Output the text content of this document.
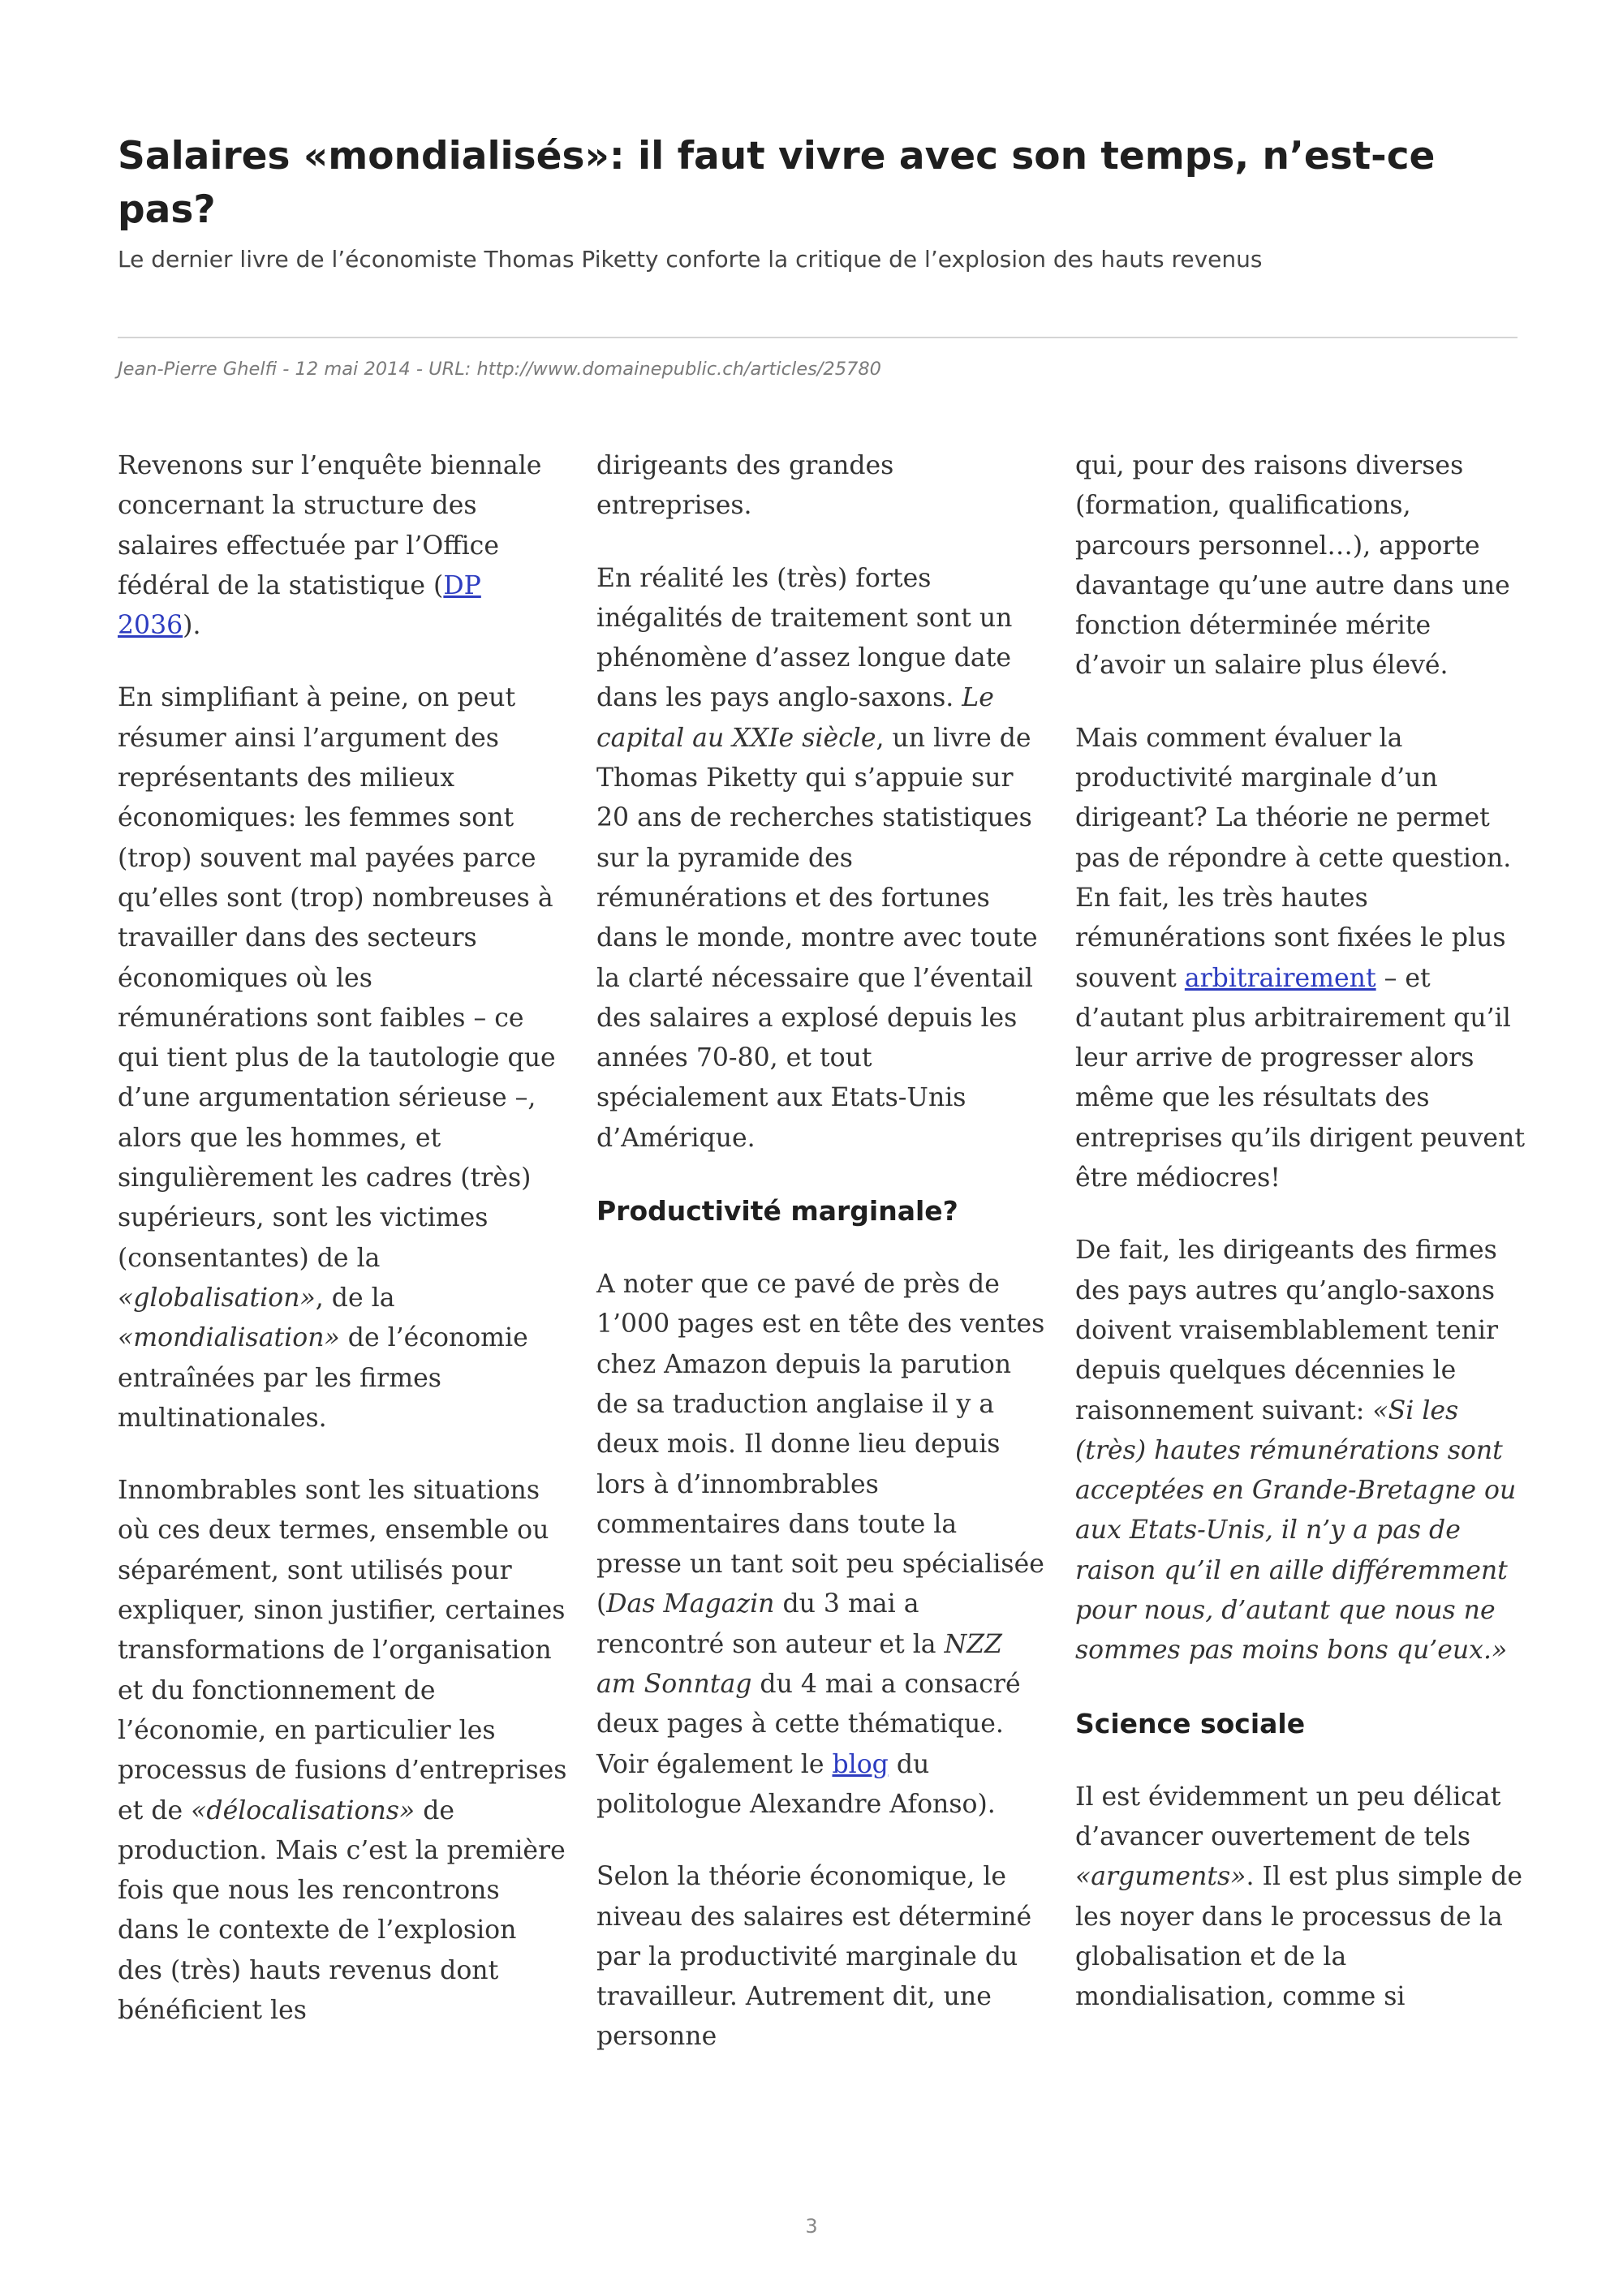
Salaires «mondialisés»: il faut vivre avec son temps, n’est-ce pas?
Le dernier livre de l’économiste Thomas Piketty conforte la critique de l’explosion des hauts revenus
Jean-Pierre Ghelfi - 12 mai 2014 - URL: http://www.domainepublic.ch/articles/25780

Revenons sur l’enquête biennale concernant la structure des salaires effectuée par l’Office fédéral de la statistique (DP 2036).

En simplifiant à peine, on peut résumer ainsi l’argument des représentants des milieux économiques: les femmes sont (trop) souvent mal payées parce qu’elles sont (trop) nombreuses à travailler dans des secteurs économiques où les rémunérations sont faibles – ce qui tient plus de la tautologie que d’une argumentation sérieuse –, alors que les hommes, et singulièrement les cadres (très) supérieurs, sont les victimes (consentantes) de la «globalisation», de la «mondialisation» de l’économie entraînées par les firmes multinationales.

Innombrables sont les situations où ces deux termes, ensemble ou séparément, sont utilisés pour expliquer, sinon justifier, certaines transformations de l’organisation et du fonctionnement de l’économie, en particulier les processus de fusions d’entreprises et de «délocalisations» de production. Mais c’est la première fois que nous les rencontrons dans le contexte de l’explosion des (très) hauts revenus dont bénéficient les

dirigeants des grandes entreprises.

En réalité les (très) fortes inégalités de traitement sont un phénomène d’assez longue date dans les pays anglo-saxons. Le capital au XXIe siècle, un livre de Thomas Piketty qui s’appuie sur 20 ans de recherches statistiques sur la pyramide des rémunérations et des fortunes dans le monde, montre avec toute la clarté nécessaire que l’éventail des salaires a explosé depuis les années 70-80, et tout spécialement aux Etats-Unis d’Amérique.

Productivité marginale?

A noter que ce pavé de près de 1’000 pages est en tête des ventes chez Amazon depuis la parution de sa traduction anglaise il y a deux mois. Il donne lieu depuis lors à d’innombrables commentaires dans toute la presse un tant soit peu spécialisée (Das Magazin du 3 mai a rencontré son auteur et la NZZ am Sonntag du 4 mai a consacré deux pages à cette thématique. Voir également le blog du politologue Alexandre Afonso).

Selon la théorie économique, le niveau des salaires est déterminé par la productivité marginale du travailleur. Autrement dit, une personne

qui, pour des raisons diverses (formation, qualifications, parcours personnel…), apporte davantage qu’une autre dans une fonction déterminée mérite d’avoir un salaire plus élevé.

Mais comment évaluer la productivité marginale d’un dirigeant? La théorie ne permet pas de répondre à cette question. En fait, les très hautes rémunérations sont fixées le plus souvent arbitrairement – et d’autant plus arbitrairement qu’il leur arrive de progresser alors même que les résultats des entreprises qu’ils dirigent peuvent être médiocres!

De fait, les dirigeants des firmes des pays autres qu’anglo-saxons doivent vraisemblablement tenir depuis quelques décennies le raisonnement suivant: «Si les (très) hautes rémunérations sont acceptées en Grande-Bretagne ou aux Etats-Unis, il n’y a pas de raison qu’il en aille différemment pour nous, d’autant que nous ne sommes pas moins bons qu’eux.»

Science sociale

Il est évidemment un peu délicat d’avancer ouvertement de tels «arguments». Il est plus simple de les noyer dans le processus de la globalisation et de la mondialisation, comme si

3
